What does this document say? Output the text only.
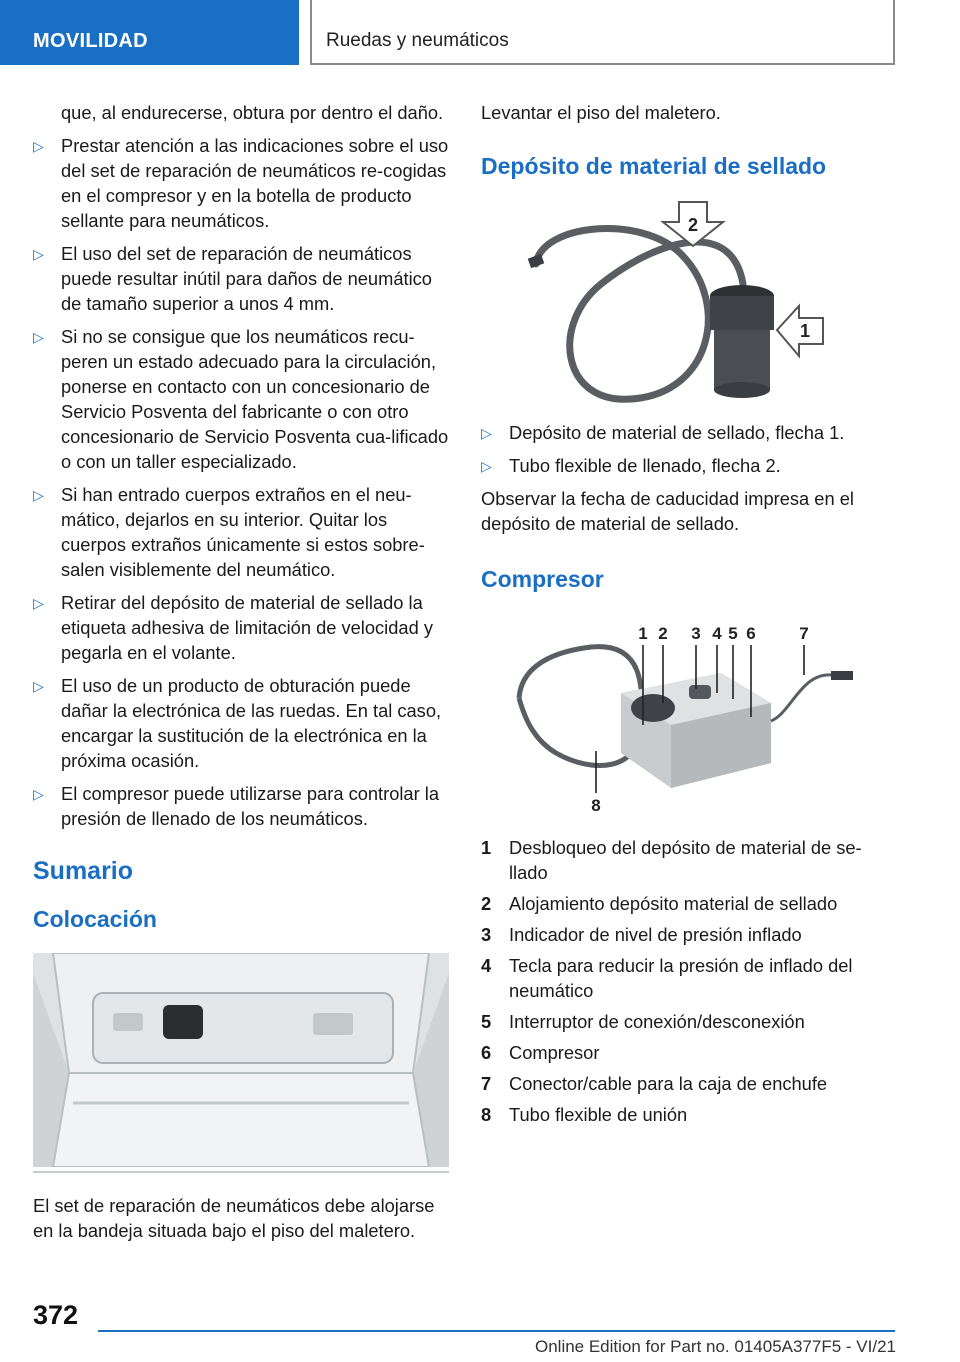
MOVILIDAD	Ruedas y neumáticos

que, al endurecerse, obtura por dentro el daño.

▷ Prestar atención a las indicaciones sobre el uso del set de reparación de neumáticos re-cogidas en el compresor y en la botella de producto sellante para neumáticos.
▷ El uso del set de reparación de neumáticos puede resultar inútil para daños de neumático de tamaño superior a unos 4 mm.
▷ Si no se consigue que los neumáticos recu-peren un estado adecuado para la circulación, ponerse en contacto con un concesionario de Servicio Posventa del fabricante o con otro concesionario de Servicio Posventa cua-lificado o con un taller especializado.
▷ Si han entrado cuerpos extraños en el neu-mático, dejarlos en su interior. Quitar los cuerpos extraños únicamente si estos sobre-salen visiblemente del neumático.
▷ Retirar del depósito de material de sellado la etiqueta adhesiva de limitación de velocidad y pegarla en el volante.
▷ El uso de un producto de obturación puede dañar la electrónica de las ruedas. En tal caso, encargar la sustitución de la electrónica en la próxima ocasión.
▷ El compresor puede utilizarse para controlar la presión de llenado de los neumáticos.
Sumario
Colocación

El set de reparación de neumáticos debe alojarse en la bandeja situada bajo el piso del maletero.

Levantar el piso del maletero.

Depósito de material de sellado
2
1
▷ Depósito de material de sellado, flecha 1.
▷ Tubo flexible de llenado, flecha 2.

Observar la fecha de caducidad impresa en el depósito de material de sellado.

Compresor
1 2 3 4 5 6	7
8
1 Desbloqueo del depósito de material de se-llado
2 Alojamiento depósito material de sellado
3 Indicador de nivel de presión inflado
4 Tecla para reducir la presión de inflado del neumático
5 Interruptor de conexión/desconexión
6 Compresor
7 Conector/cable para la caja de enchufe
8 Tubo flexible de unión
372
Online Edition for Part no. 01405A377F5 - VI/21
